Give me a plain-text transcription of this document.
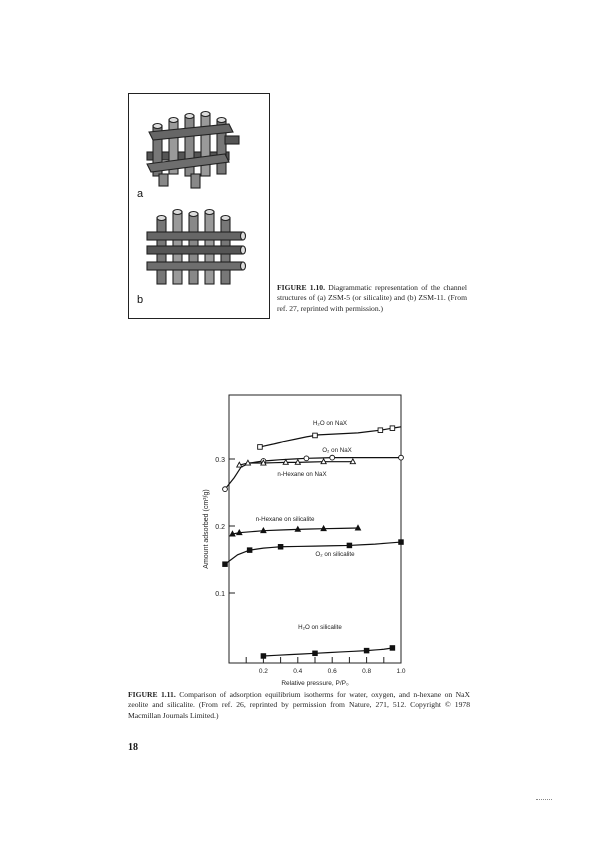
a
b
FIGURE 1.10. Diagrammatic representation of the channel structures of (a) ZSM-5 (or silicalite) and (b) ZSM-11. (From ref. 27, reprinted with permission.)
0.1
0.2
0.3
0.2	0.4	0.6	0.8	1.0
Relative pressure, P/P₀
Amount adsorbed (cm³/g)
H₂O on NaX
O₂ on NaX
n-Hexane on NaX
n-Hexane on silicalite
O₂ on silicalite
H₂O on silicalite
FIGURE 1.11. Comparison of adsorption equilibrium isotherms for water, oxygen, and n-hexane on NaX zeolite and silicalite. (From ref. 26, reprinted by permission from Nature, 271, 512. Copyright © 1978 Macmillan Journals Limited.)
18
